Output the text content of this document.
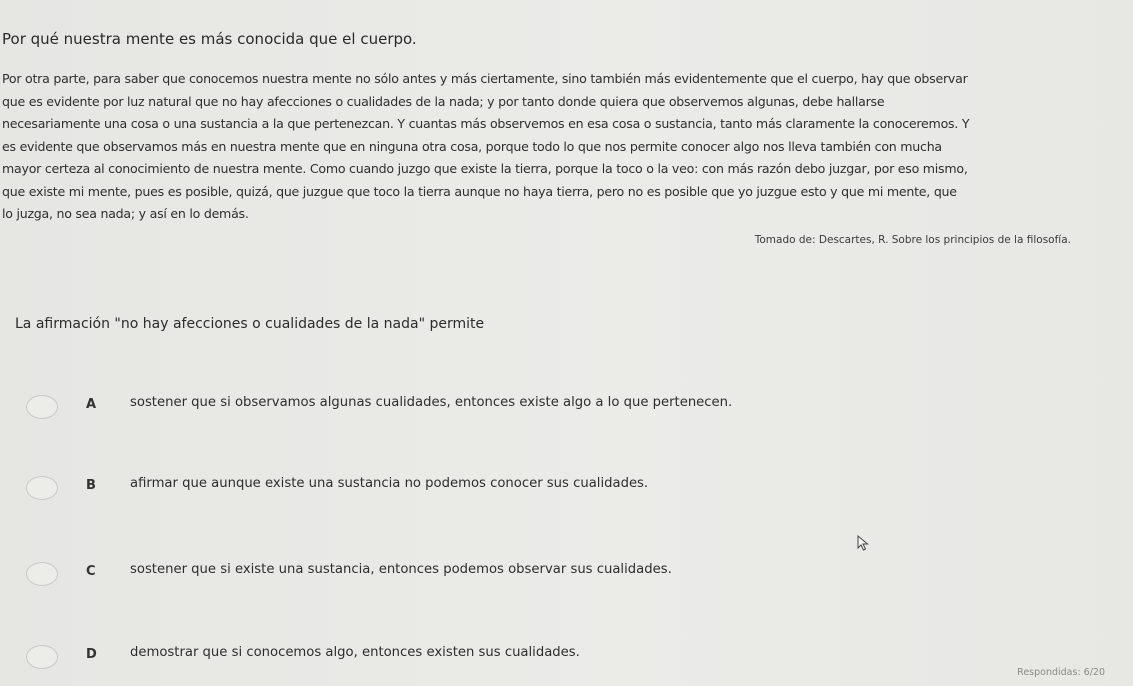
Por qué nuestra mente es más conocida que el cuerpo.
Por otra parte, para saber que conocemos nuestra mente no sólo antes y más ciertamente, sino también más evidentemente que el cuerpo, hay que observar
que es evidente por luz natural que no hay afecciones o cualidades de la nada; y por tanto donde quiera que observemos algunas, debe hallarse
necesariamente una cosa o una sustancia a la que pertenezcan. Y cuantas más observemos en esa cosa o sustancia, tanto más claramente la conoceremos. Y
es evidente que observamos más en nuestra mente que en ninguna otra cosa, porque todo lo que nos permite conocer algo nos lleva también con mucha
mayor certeza al conocimiento de nuestra mente. Como cuando juzgo que existe la tierra, porque la toco o la veo: con más razón debo juzgar, por eso mismo,
que existe mi mente, pues es posible, quizá, que juzgue que toco la tierra aunque no haya tierra, pero no es posible que yo juzgue esto y que mi mente, que
lo juzga, no sea nada; y así en lo demás.
Tomado de: Descartes, R. Sobre los principios de la filosofía.
La afirmación "no hay afecciones o cualidades de la nada" permite
A	sostener que si observamos algunas cualidades, entonces existe algo a lo que pertenecen.
B	afirmar que aunque existe una sustancia no podemos conocer sus cualidades.
C	sostener que si existe una sustancia, entonces podemos observar sus cualidades.
D	demostrar que si conocemos algo, entonces existen sus cualidades.
Respondidas: 6/20
